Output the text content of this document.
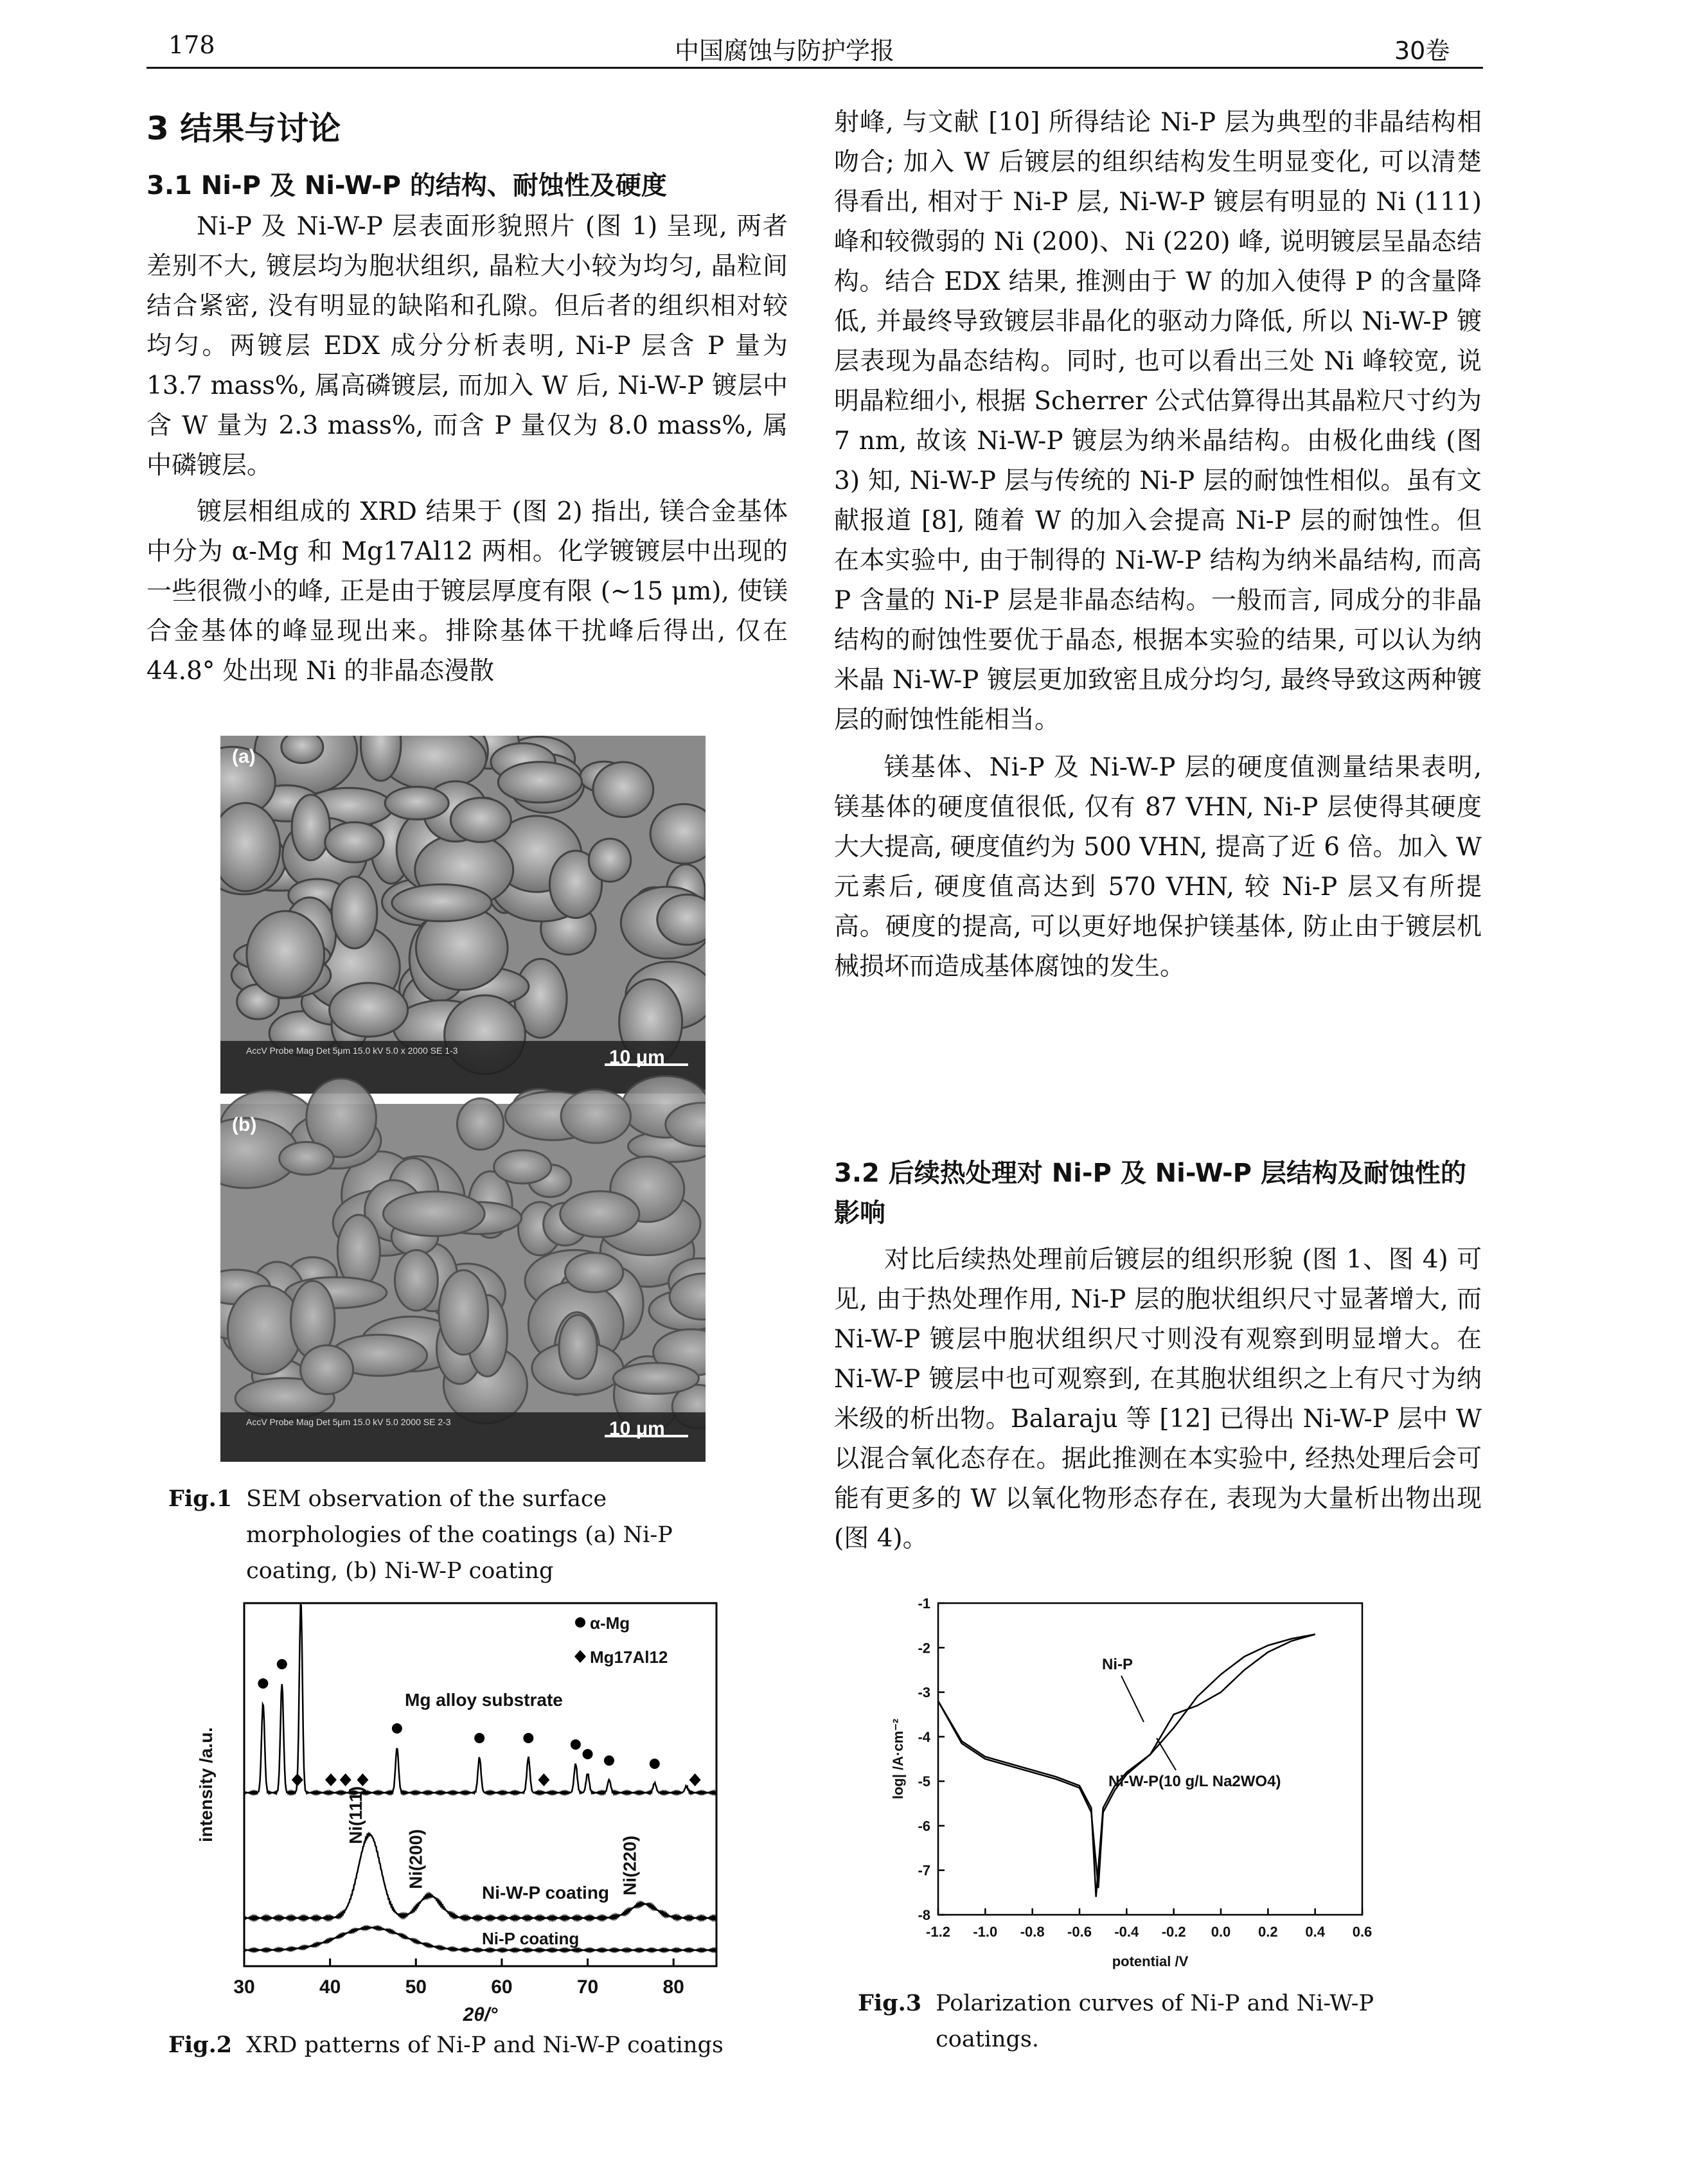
178	中国腐蚀与防护学报	30卷
3 结果与讨论
3.1 Ni-P 及 Ni-W-P 的结构、耐蚀性及硬度

Ni-P 及 Ni-W-P 层表面形貌照片 (图 1) 呈现, 两者差别不大, 镀层均为胞状组织, 晶粒大小较为均匀, 晶粒间结合紧密, 没有明显的缺陷和孔隙。但后者的组织相对较均匀。两镀层 EDX 成分分析表明, Ni-P 层含 P 量为 13.7 mass%, 属高磷镀层, 而加入 W 后, Ni-W-P 镀层中含 W 量为 2.3 mass%, 而含 P 量仅为 8.0 mass%, 属中磷镀层。

镀层相组成的 XRD 结果于 (图 2) 指出, 镁合金基体中分为 α-Mg 和 Mg17Al12 两相。化学镀镀层中出现的一些很微小的峰, 正是由于镀层厚度有限 (∼15 μm), 使镁合金基体的峰显现出来。排除基体干扰峰后得出, 仅在 44.8° 处出现 Ni 的非晶态漫散

射峰, 与文献 [10] 所得结论 Ni-P 层为典型的非晶结构相吻合; 加入 W 后镀层的组织结构发生明显变化, 可以清楚得看出, 相对于 Ni-P 层, Ni-W-P 镀层有明显的 Ni (111) 峰和较微弱的 Ni (200)、Ni (220) 峰, 说明镀层呈晶态结构。结合 EDX 结果, 推测由于 W 的加入使得 P 的含量降低, 并最终导致镀层非晶化的驱动力降低, 所以 Ni-W-P 镀层表现为晶态结构。同时, 也可以看出三处 Ni 峰较宽, 说明晶粒细小, 根据 Scherrer 公式估算得出其晶粒尺寸约为 7 nm, 故该 Ni-W-P 镀层为纳米晶结构。由极化曲线 (图 3) 知, Ni-W-P 层与传统的 Ni-P 层的耐蚀性相似。虽有文献报道 [8], 随着 W 的加入会提高 Ni-P 层的耐蚀性。但在本实验中, 由于制得的 Ni-W-P 结构为纳米晶结构, 而高 P 含量的 Ni-P 层是非晶态结构。一般而言, 同成分的非晶结构的耐蚀性要优于晶态, 根据本实验的结果, 可以认为纳米晶 Ni-W-P 镀层更加致密且成分均匀, 最终导致这两种镀层的耐蚀性能相当。

镁基体、Ni-P 及 Ni-W-P 层的硬度值测量结果表明, 镁基体的硬度值很低, 仅有 87 VHN, Ni-P 层使得其硬度大大提高, 硬度值约为 500 VHN, 提高了近 6 倍。加入 W 元素后, 硬度值高达到 570 VHN, 较 Ni-P 层又有所提高。硬度的提高, 可以更好地保护镁基体, 防止由于镀层机械损坏而造成基体腐蚀的发生。

3.2 后续热处理对 Ni-P 及 Ni-W-P 层结构及耐蚀性的影响

对比后续热处理前后镀层的组织形貌 (图 1、图 4) 可见, 由于热处理作用, Ni-P 层的胞状组织尺寸显著增大, 而 Ni-W-P 镀层中胞状组织尺寸则没有观察到明显增大。在 Ni-W-P 镀层中也可观察到, 在其胞状组织之上有尺寸为纳米级的析出物。Balaraju 等 [12] 已得出 Ni-W-P 层中 W 以混合氧化态存在。据此推测在本实验中, 经热处理后会可能有更多的 W 以氧化物形态存在, 表现为大量析出物出现 (图 4)。

(a)
AccV Probe Mag Det 5μm 15.0 kV 5.0 x 2000 SE 1-3	10 μm
(b)
AccV Probe Mag Det 5μm 15.0 kV 5.0 2000 SE 2-3	10 μm
Fig.1 SEM observation of the surface morphologies of the coatings (a) Ni-P coating, (b) Ni-W-P coating
30	40	50	60	70	80
2θ/°
intensity /a.u.
α-Mg
Mg17Al12
Mg alloy substrate
Ni-W-P coating
Ni-P coating
Ni(111)
Ni(200)	Ni(220)
Fig.2 XRD patterns of Ni-P and Ni-W-P coatings
-1.2 -1.0 -0.8 -0.6 -0.4 -0.2 0.0 0.2 0.4 0.6
-1
-2
-3
-4
-5
-6
-7
-8
potential /V
log| /A·cm⁻²
Ni-P
Ni-W-P(10 g/L Na2WO4)
Fig.3 Polarization curves of Ni-P and Ni-W-P coatings.
